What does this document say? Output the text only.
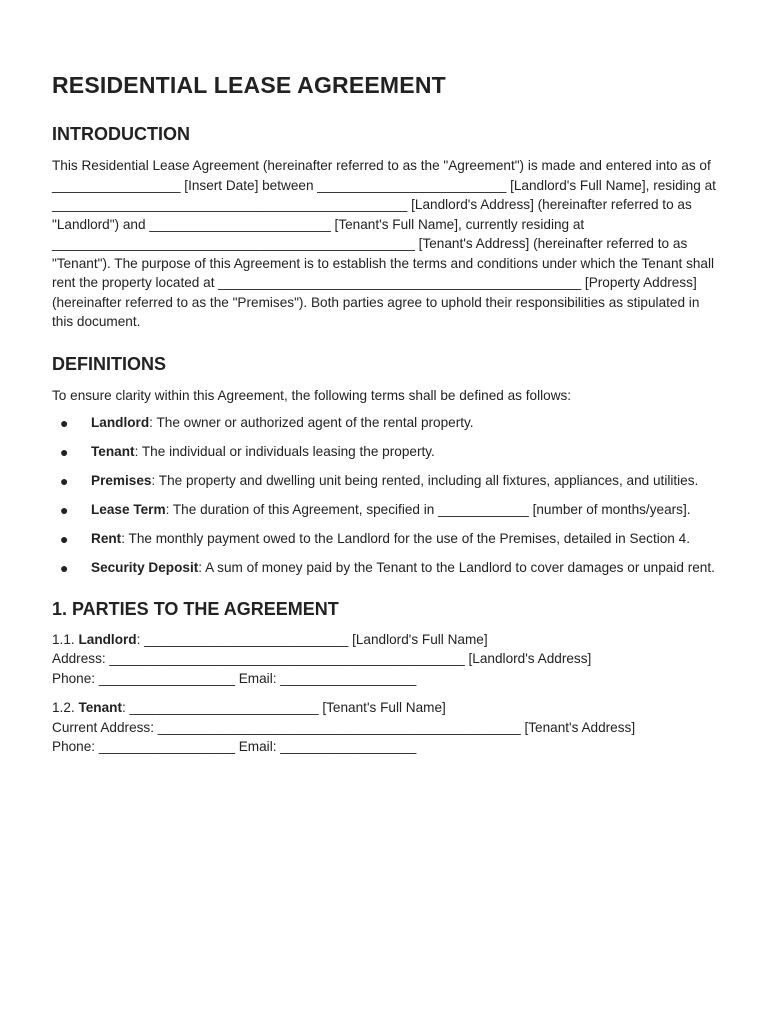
RESIDENTIAL LEASE AGREEMENT
INTRODUCTION

This Residential Lease Agreement (hereinafter referred to as the "Agreement") is made and entered into as of _________________ [Insert Date] between _________________________ [Landlord's Full Name], residing at _______________________________________________ [Landlord's Address] (hereinafter referred to as "Landlord") and ________________________ [Tenant's Full Name], currently residing at ________________________________________________ [Tenant's Address] (hereinafter referred to as "Tenant"). The purpose of this Agreement is to establish the terms and conditions under which the Tenant shall rent the property located at ________________________________________________ [Property Address] (hereinafter referred to as the "Premises"). Both parties agree to uphold their responsibilities as stipulated in this document.

DEFINITIONS

To ensure clarity within this Agreement, the following terms shall be defined as follows:

● Landlord: The owner or authorized agent of the rental property.
● Tenant: The individual or individuals leasing the property.
● Premises: The property and dwelling unit being rented, including all fixtures, appliances, and utilities.
● Lease Term: The duration of this Agreement, specified in ____________ [number of months/years].
● Rent: The monthly payment owed to the Landlord for the use of the Premises, detailed in Section 4.
● Security Deposit: A sum of money paid by the Tenant to the Landlord to cover damages or unpaid rent.
1. PARTIES TO THE AGREEMENT
1.1. Landlord: ___________________________ [Landlord's Full Name]
Address: _______________________________________________ [Landlord's Address]
Phone: __________________ Email: __________________
1.2. Tenant: _________________________ [Tenant's Full Name]
Current Address: ________________________________________________ [Tenant's Address]
Phone: __________________ Email: __________________
